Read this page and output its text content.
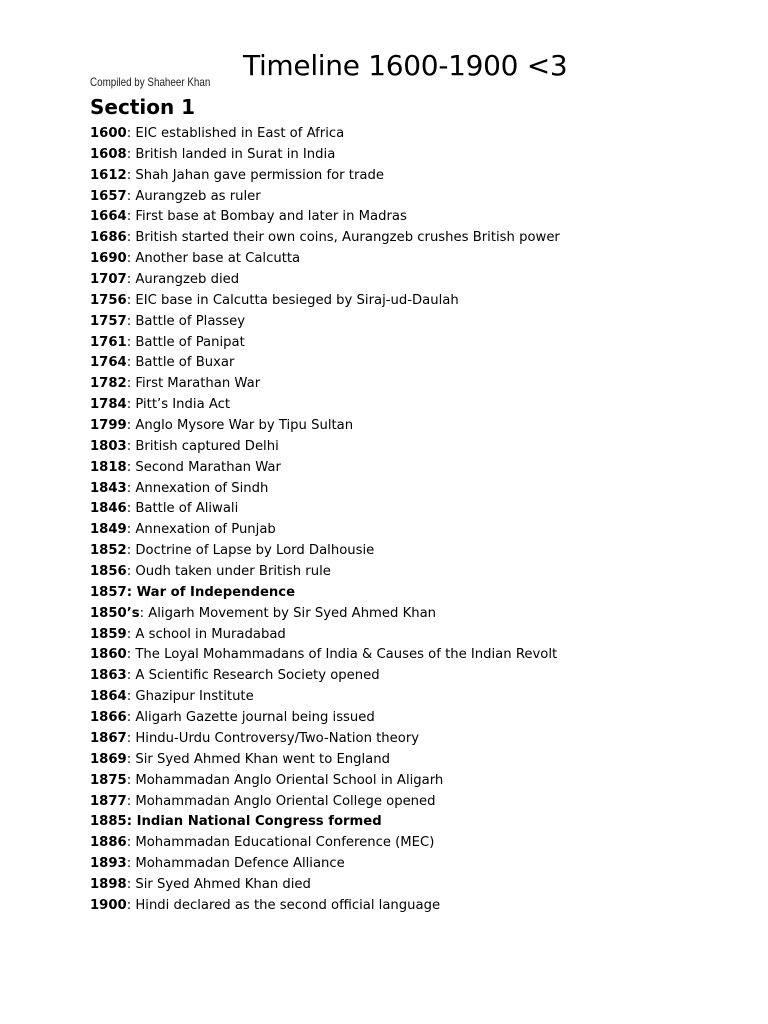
Compiled by Shaheer Khan Timeline 1600-1900 <3
Section 1
1600: EIC established in East of Africa
1608: British landed in Surat in India
1612: Shah Jahan gave permission for trade
1657: Aurangzeb as ruler
1664: First base at Bombay and later in Madras
1686: British started their own coins, Aurangzeb crushes British power
1690: Another base at Calcutta
1707: Aurangzeb died
1756: EIC base in Calcutta besieged by Siraj-ud-Daulah
1757: Battle of Plassey
1761: Battle of Panipat
1764: Battle of Buxar
1782: First Marathan War
1784: Pitt’s India Act
1799: Anglo Mysore War by Tipu Sultan
1803: British captured Delhi
1818: Second Marathan War
1843: Annexation of Sindh
1846: Battle of Aliwali
1849: Annexation of Punjab
1852: Doctrine of Lapse by Lord Dalhousie
1856: Oudh taken under British rule
1857: War of Independence
1850’s: Aligarh Movement by Sir Syed Ahmed Khan
1859: A school in Muradabad
1860: The Loyal Mohammadans of India & Causes of the Indian Revolt
1863: A Scientific Research Society opened
1864: Ghazipur Institute
1866: Aligarh Gazette journal being issued
1867: Hindu-Urdu Controversy/Two-Nation theory
1869: Sir Syed Ahmed Khan went to England
1875: Mohammadan Anglo Oriental School in Aligarh
1877: Mohammadan Anglo Oriental College opened
1885: Indian National Congress formed
1886: Mohammadan Educational Conference (MEC)
1893: Mohammadan Defence Alliance
1898: Sir Syed Ahmed Khan died
1900: Hindi declared as the second official language
